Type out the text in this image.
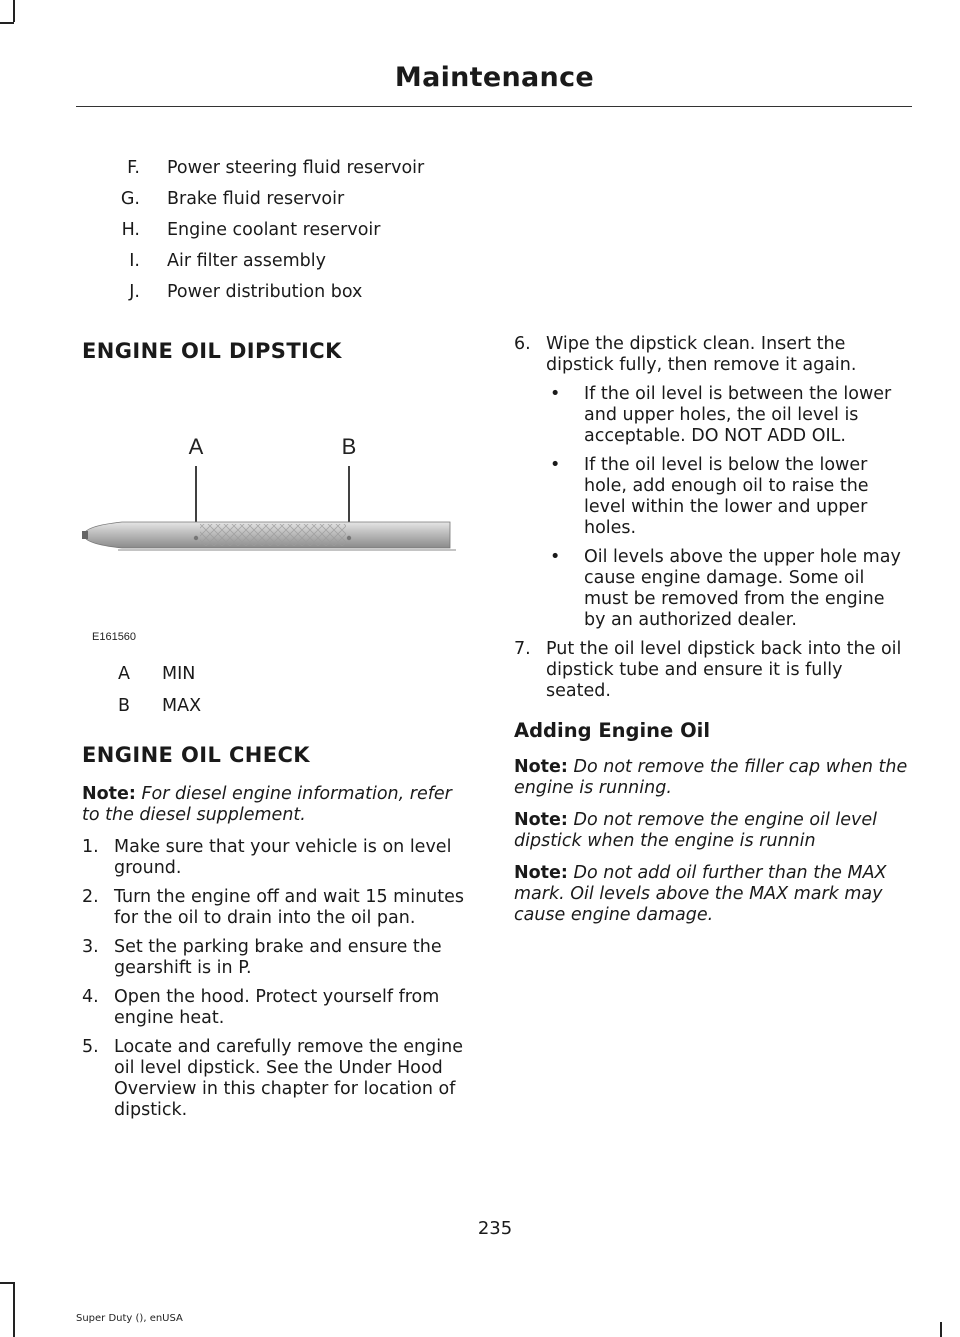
Maintenance
F.	Power steering fluid reservoir
G.	Brake fluid reservoir
H.	Engine coolant reservoir
I.	Air filter assembly
J.	Power distribution box
ENGINE OIL DIPSTICK
A	B
E161560
A	MIN
B	MAX
ENGINE OIL CHECK
Note: For diesel engine information, refer to the diesel supplement.
1. Make sure that your vehicle is on level ground.
2. Turn the engine off and wait 15 minutes for the oil to drain into the oil pan.
3. Set the parking brake and ensure the gearshift is in P.
4. Open the hood. Protect yourself from engine heat.
5. Locate and carefully remove the engine oil level dipstick. See the Under Hood Overview in this chapter for location of dipstick.
6. Wipe the dipstick clean. Insert the dipstick fully, then remove it again.
•	If the oil level is between the lower and upper holes, the oil level is acceptable. DO NOT ADD OIL.
•	If the oil level is below the lower hole, add enough oil to raise the level within the lower and upper holes.
•	Oil levels above the upper hole may cause engine damage. Some oil must be removed from the engine by an authorized dealer.
7. Put the oil level dipstick back into the oil dipstick tube and ensure it is fully seated.
Adding Engine Oil
Note: Do not remove the filler cap when the engine is running.
Note: Do not remove the engine oil level dipstick when the engine is runnin
Note: Do not add oil further than the MAX mark. Oil levels above the MAX mark may cause engine damage.
235
Super Duty (), enUSA
